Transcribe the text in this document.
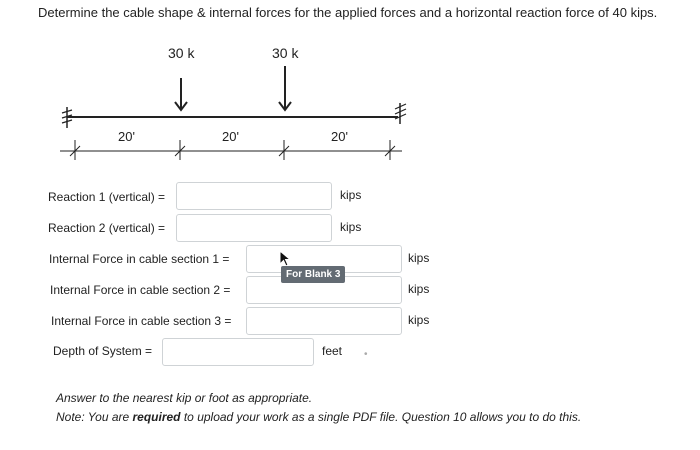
Determine the cable shape & internal forces for the applied forces and a horizontal reaction force of 40 kips.
30 k	30 k
20'	20'	20'
Reaction 1 (vertical) =	kips
Reaction 2 (vertical) =	kips
Internal Force in cable section 1 =	kips
Internal Force in cable section 2 =	kips
Internal Force in cable section 3 =	kips
Depth of System =	feet •
For Blank 3
Answer to the nearest kip or foot as appropriate.
Note: You are required to upload your work as a single PDF file. Question 10 allows you to do this.
